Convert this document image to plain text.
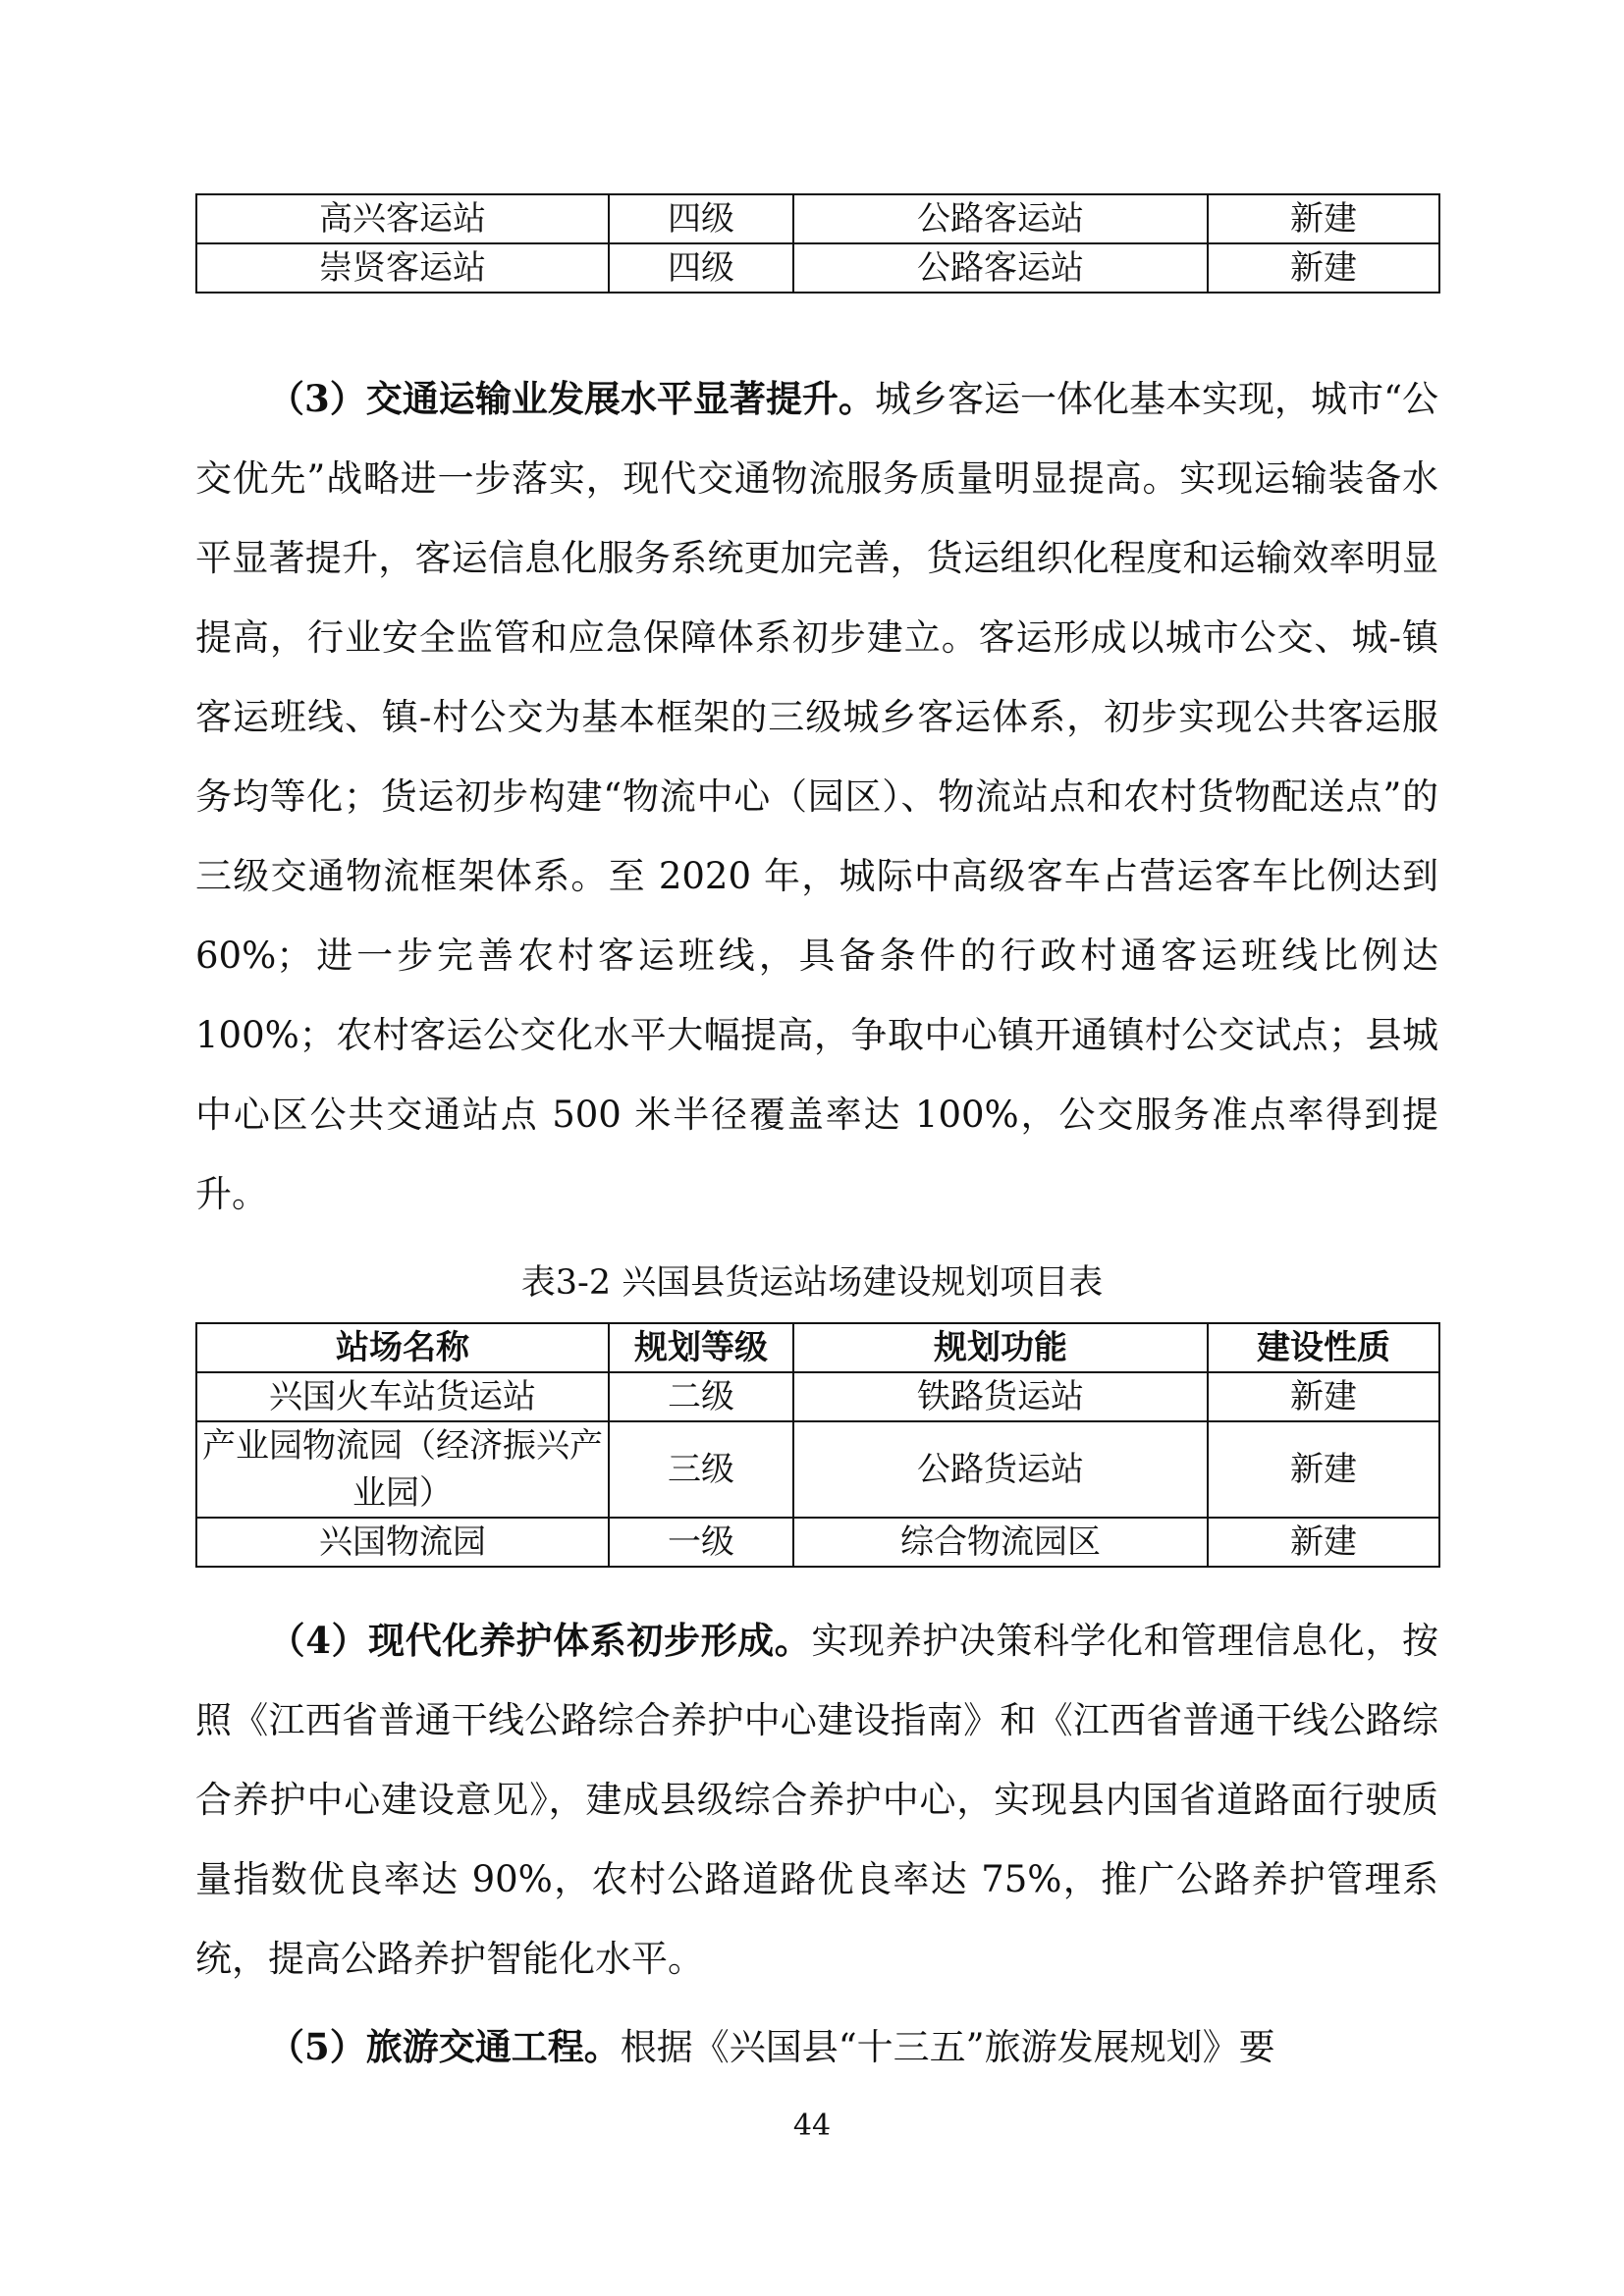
高兴客运站	四级	公路客运站	新建
崇贤客运站	四级	公路客运站	新建

（3）交通运输业发展水平显著提升。城乡客运一体化基本实现，城市“公交优先”战略进一步落实，现代交通物流服务质量明显提高。实现运输装备水平显著提升，客运信息化服务系统更加完善，货运组织化程度和运输效率明显提高，行业安全监管和应急保障体系初步建立。客运形成以城市公交、城-镇客运班线、镇-村公交为基本框架的三级城乡客运体系，初步实现公共客运服务均等化；货运初步构建“物流中心（园区）、物流站点和农村货物配送点”的三级交通物流框架体系。至 2020 年，城际中高级客车占营运客车比例达到 60%；进一步完善农村客运班线，具备条件的行政村通客运班线比例达 100%；农村客运公交化水平大幅提高，争取中心镇开通镇村公交试点；县城中心区公共交通站点 500 米半径覆盖率达 100%，公交服务准点率得到提升。

表3-2 兴国县货运站场建设规划项目表
站场名称	规划等级	规划功能	建设性质
兴国火车站货运站	二级	铁路货运站	新建
产业园物流园（经济振兴产业园）	三级	公路货运站	新建
兴国物流园	一级	综合物流园区	新建

（4）现代化养护体系初步形成。实现养护决策科学化和管理信息化，按照《江西省普通干线公路综合养护中心建设指南》和《江西省普通干线公路综合养护中心建设意见》，建成县级综合养护中心，实现县内国省道路面行驶质量指数优良率达 90%，农村公路道路优良率达 75%，推广公路养护管理系统，提高公路养护智能化水平。

（5）旅游交通工程。根据《兴国县“十三五”旅游发展规划》要

44
